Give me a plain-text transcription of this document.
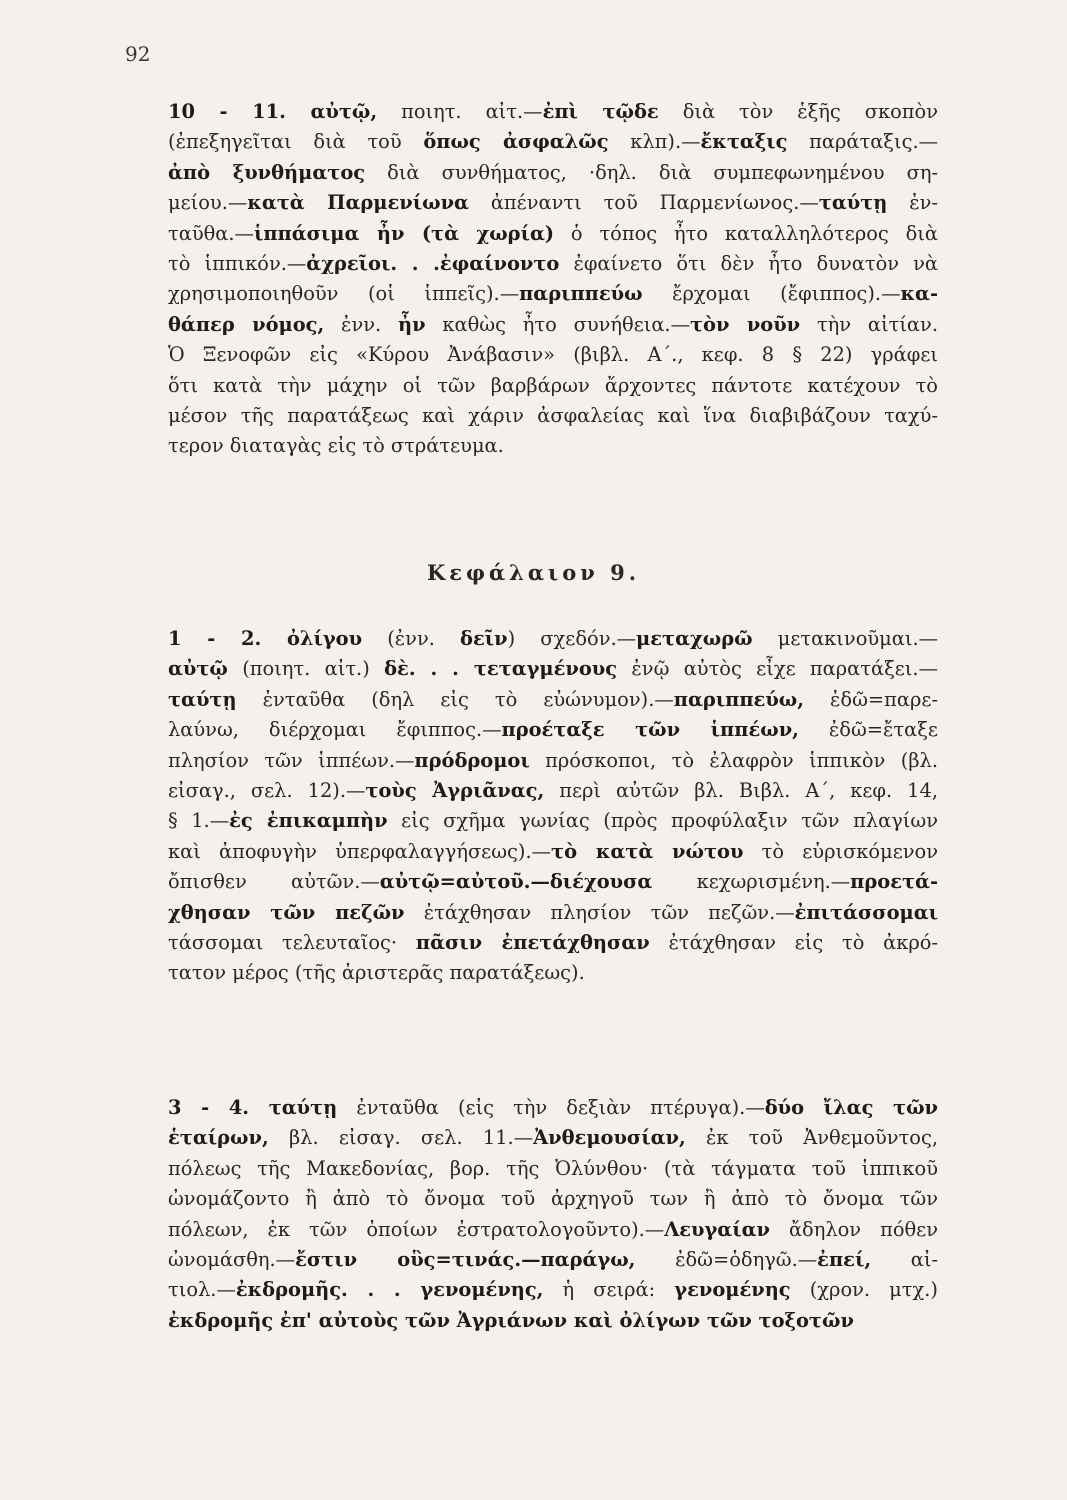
92
10 - 11. αὐτῷ, ποιητ. αἰτ.—ἐπὶ τῷδε διὰ τὸν ἑξῆς σκοπὸν
(ἐπεξηγεῖται διὰ τοῦ ὅπως ἀσφαλῶς κλπ).—ἔκταξις παράταξις.—
ἀπὸ ξυνθήματος διὰ συνθήματος, ·δηλ. διὰ συμπεφωνημένου ση-
μείου.—κατὰ Παρμενίωνα ἀπέναντι τοῦ Παρμενίωνος.—ταύτῃ ἐν-
ταῦθα.—ἱππάσιμα ἦν (τὰ χωρία) ὁ τόπος ἦτο καταλληλότερος διὰ
τὸ ἱππικόν.—ἀχρεῖοι. . .ἐφαίνοντο ἐφαίνετο ὅτι δὲν ἦτο δυνατὸν νὰ
χρησιμοποιηθοῦν (οἱ ἱππεῖς).—παριππεύω ἔρχομαι (ἔφιππος).—κα-
θάπερ νόμος, ἐνν. ἦν καθὼς ἦτο συνήθεια.—τὸν νοῦν τὴν αἰτίαν.
Ὁ Ξενοφῶν εἰς «Κύρου Ἀνάβασιν» (βιβλ. Α΄., κεφ. 8 § 22) γράφει
ὅτι κατὰ τὴν μάχην οἱ τῶν βαρβάρων ἄρχοντες πάντοτε κατέχουν τὸ
μέσον τῆς παρατάξεως καὶ χάριν ἀσφαλείας καὶ ἵνα διαβιβάζουν ταχύ-
τερον διαταγὰς εἰς τὸ στράτευμα.
Κεφάλαιον 9.
1 - 2. ὀλίγου (ἐνν. δεῖν) σχεδόν.—μεταχωρῶ μετακινοῦμαι.—
αὐτῷ (ποιητ. αἰτ.) δὲ. . . τεταγμένους ἐνῷ αὐτὸς εἶχε παρατάξει.—
ταύτῃ ἐνταῦθα (δηλ εἰς τὸ εὐώνυμον).—παριππεύω, ἐδῶ=παρε-
λαύνω, διέρχομαι ἔφιππος.—προέταξε τῶν ἱππέων, ἐδῶ=ἔταξε
πλησίον τῶν ἱππέων.—πρόδρομοι πρόσκοποι, τὸ ἐλαφρὸν ἱππικὸν (βλ.
εἰσαγ., σελ. 12).—τοὺς Ἀγριᾶνας, περὶ αὐτῶν βλ. Βιβλ. Α΄, κεφ. 14,
§ 1.—ἐς ἐπικαμπὴν εἰς σχῆμα γωνίας (πρὸς προφύλαξιν τῶν πλαγίων
καὶ ἀποφυγὴν ὑπερφαλαγγήσεως).—τὸ κατὰ νώτου τὸ εὑρισκόμενον
ὄπισθεν αὐτῶν.—αὐτῷ=αὐτοῦ.—διέχουσα κεχωρισμένη.—προετά-
χθησαν τῶν πεζῶν ἐτάχθησαν πλησίον τῶν πεζῶν.—ἐπιτάσσομαι
τάσσομαι τελευταῖος· πᾶσιν ἐπετάχθησαν ἐτάχθησαν εἰς τὸ ἀκρό-
τατον μέρος (τῆς ἀριστερᾶς παρατάξεως).
3 - 4. ταύτῃ ἐνταῦθα (εἰς τὴν δεξιὰν πτέρυγα).—δύο ἴλας τῶν
ἑταίρων, βλ. εἰσαγ. σελ. 11.—Ἀνθεμουσίαν, ἐκ τοῦ Ἀνθεμοῦντος,
πόλεως τῆς Μακεδονίας, βορ. τῆς Ὀλύνθου· (τὰ τάγματα τοῦ ἱππικοῦ
ὠνομάζοντο ἢ ἀπὸ τὸ ὄνομα τοῦ ἀρχηγοῦ των ἢ ἀπὸ τὸ ὄνομα τῶν
πόλεων, ἐκ τῶν ὁποίων ἐστρατολογοῦντο).—Λευγαίαν ἄδηλον πόθεν
ὠνομάσθη.—ἔστιν οὓς=τινάς.—παράγω, ἐδῶ=ὁδηγῶ.—ἐπεί, αἰ-
τιολ.—ἐκδρομῆς. . . γενομένης, ἡ σειρά: γενομένης (χρον. μτχ.)
ἐκδρομῆς ἐπ' αὐτοὺς τῶν Ἀγριάνων καὶ ὀλίγων τῶν τοξοτῶν
